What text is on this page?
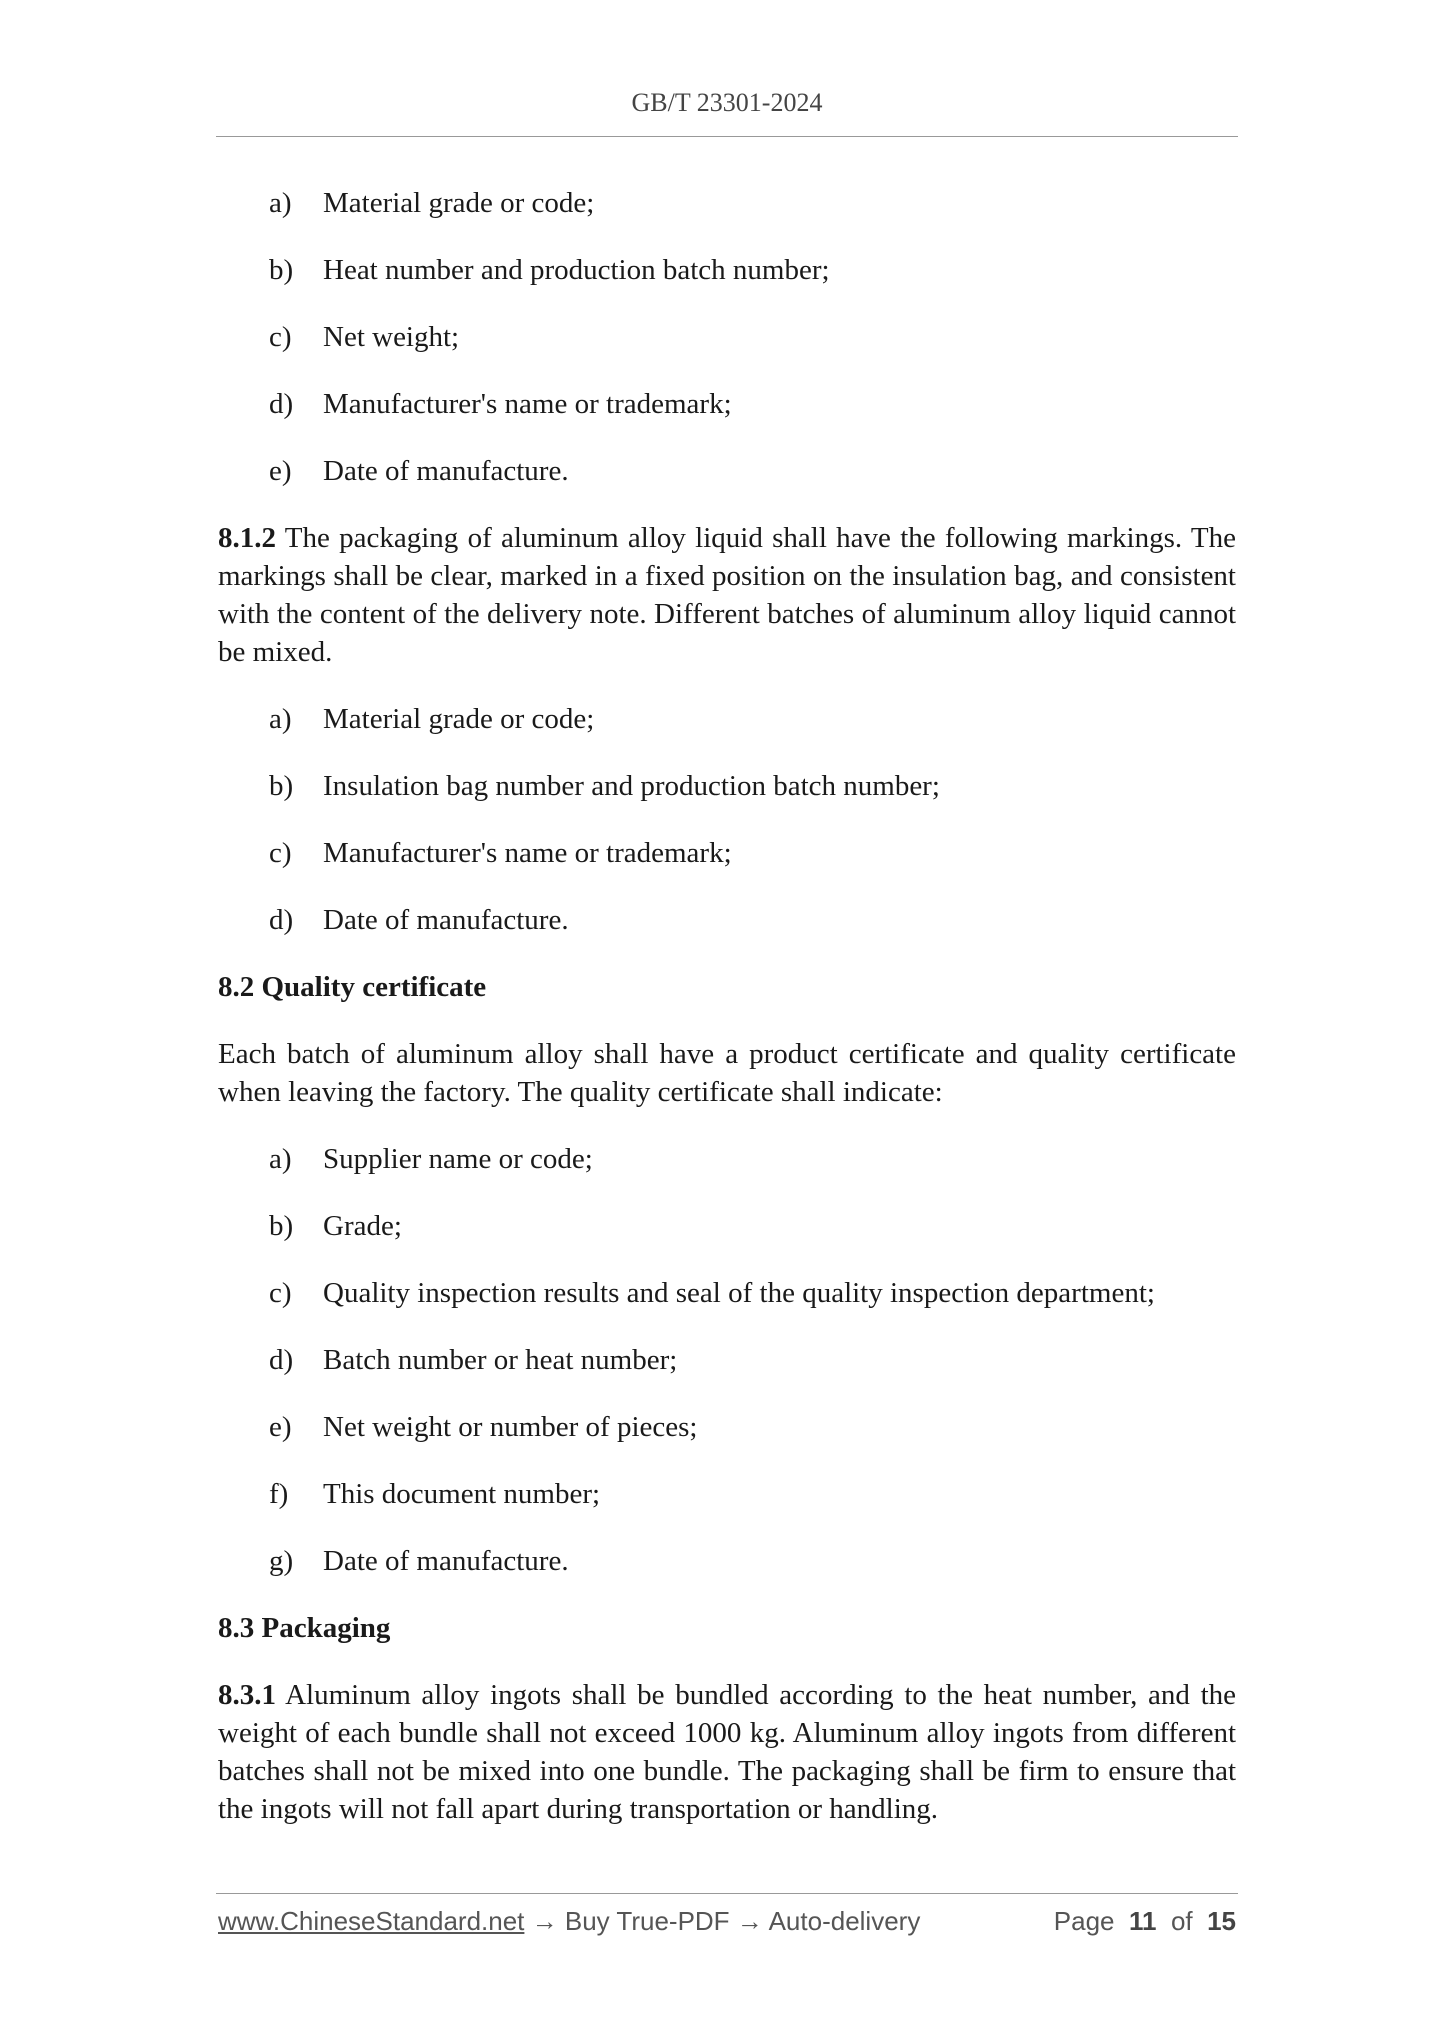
GB/T 23301-2024
a)	Material grade or code;
b)	Heat number and production batch number;
c)	Net weight;
d)	Manufacturer's name or trademark;
e)	Date of manufacture.

8.1.2 The packaging of aluminum alloy liquid shall have the following markings. The markings shall be clear, marked in a fixed position on the insulation bag, and consistent with the content of the delivery note. Different batches of aluminum alloy liquid cannot be mixed.

a)	Material grade or code;
b)	Insulation bag number and production batch number;
c)	Manufacturer's name or trademark;
d)	Date of manufacture.

8.2 Quality certificate

Each batch of aluminum alloy shall have a product certificate and quality certificate when leaving the factory. The quality certificate shall indicate:

a)	Supplier name or code;
b)	Grade;
c)	Quality inspection results and seal of the quality inspection department;
d)	Batch number or heat number;
e)	Net weight or number of pieces;
f)	This document number;
g)	Date of manufacture.

8.3 Packaging

8.3.1 Aluminum alloy ingots shall be bundled according to the heat number, and the weight of each bundle shall not exceed 1000 kg. Aluminum alloy ingots from different batches shall not be mixed into one bundle. The packaging shall be firm to ensure that the ingots will not fall apart during transportation or handling.

www.ChineseStandard.net → Buy True-PDF → Auto-delivery	Page 11 of 15
